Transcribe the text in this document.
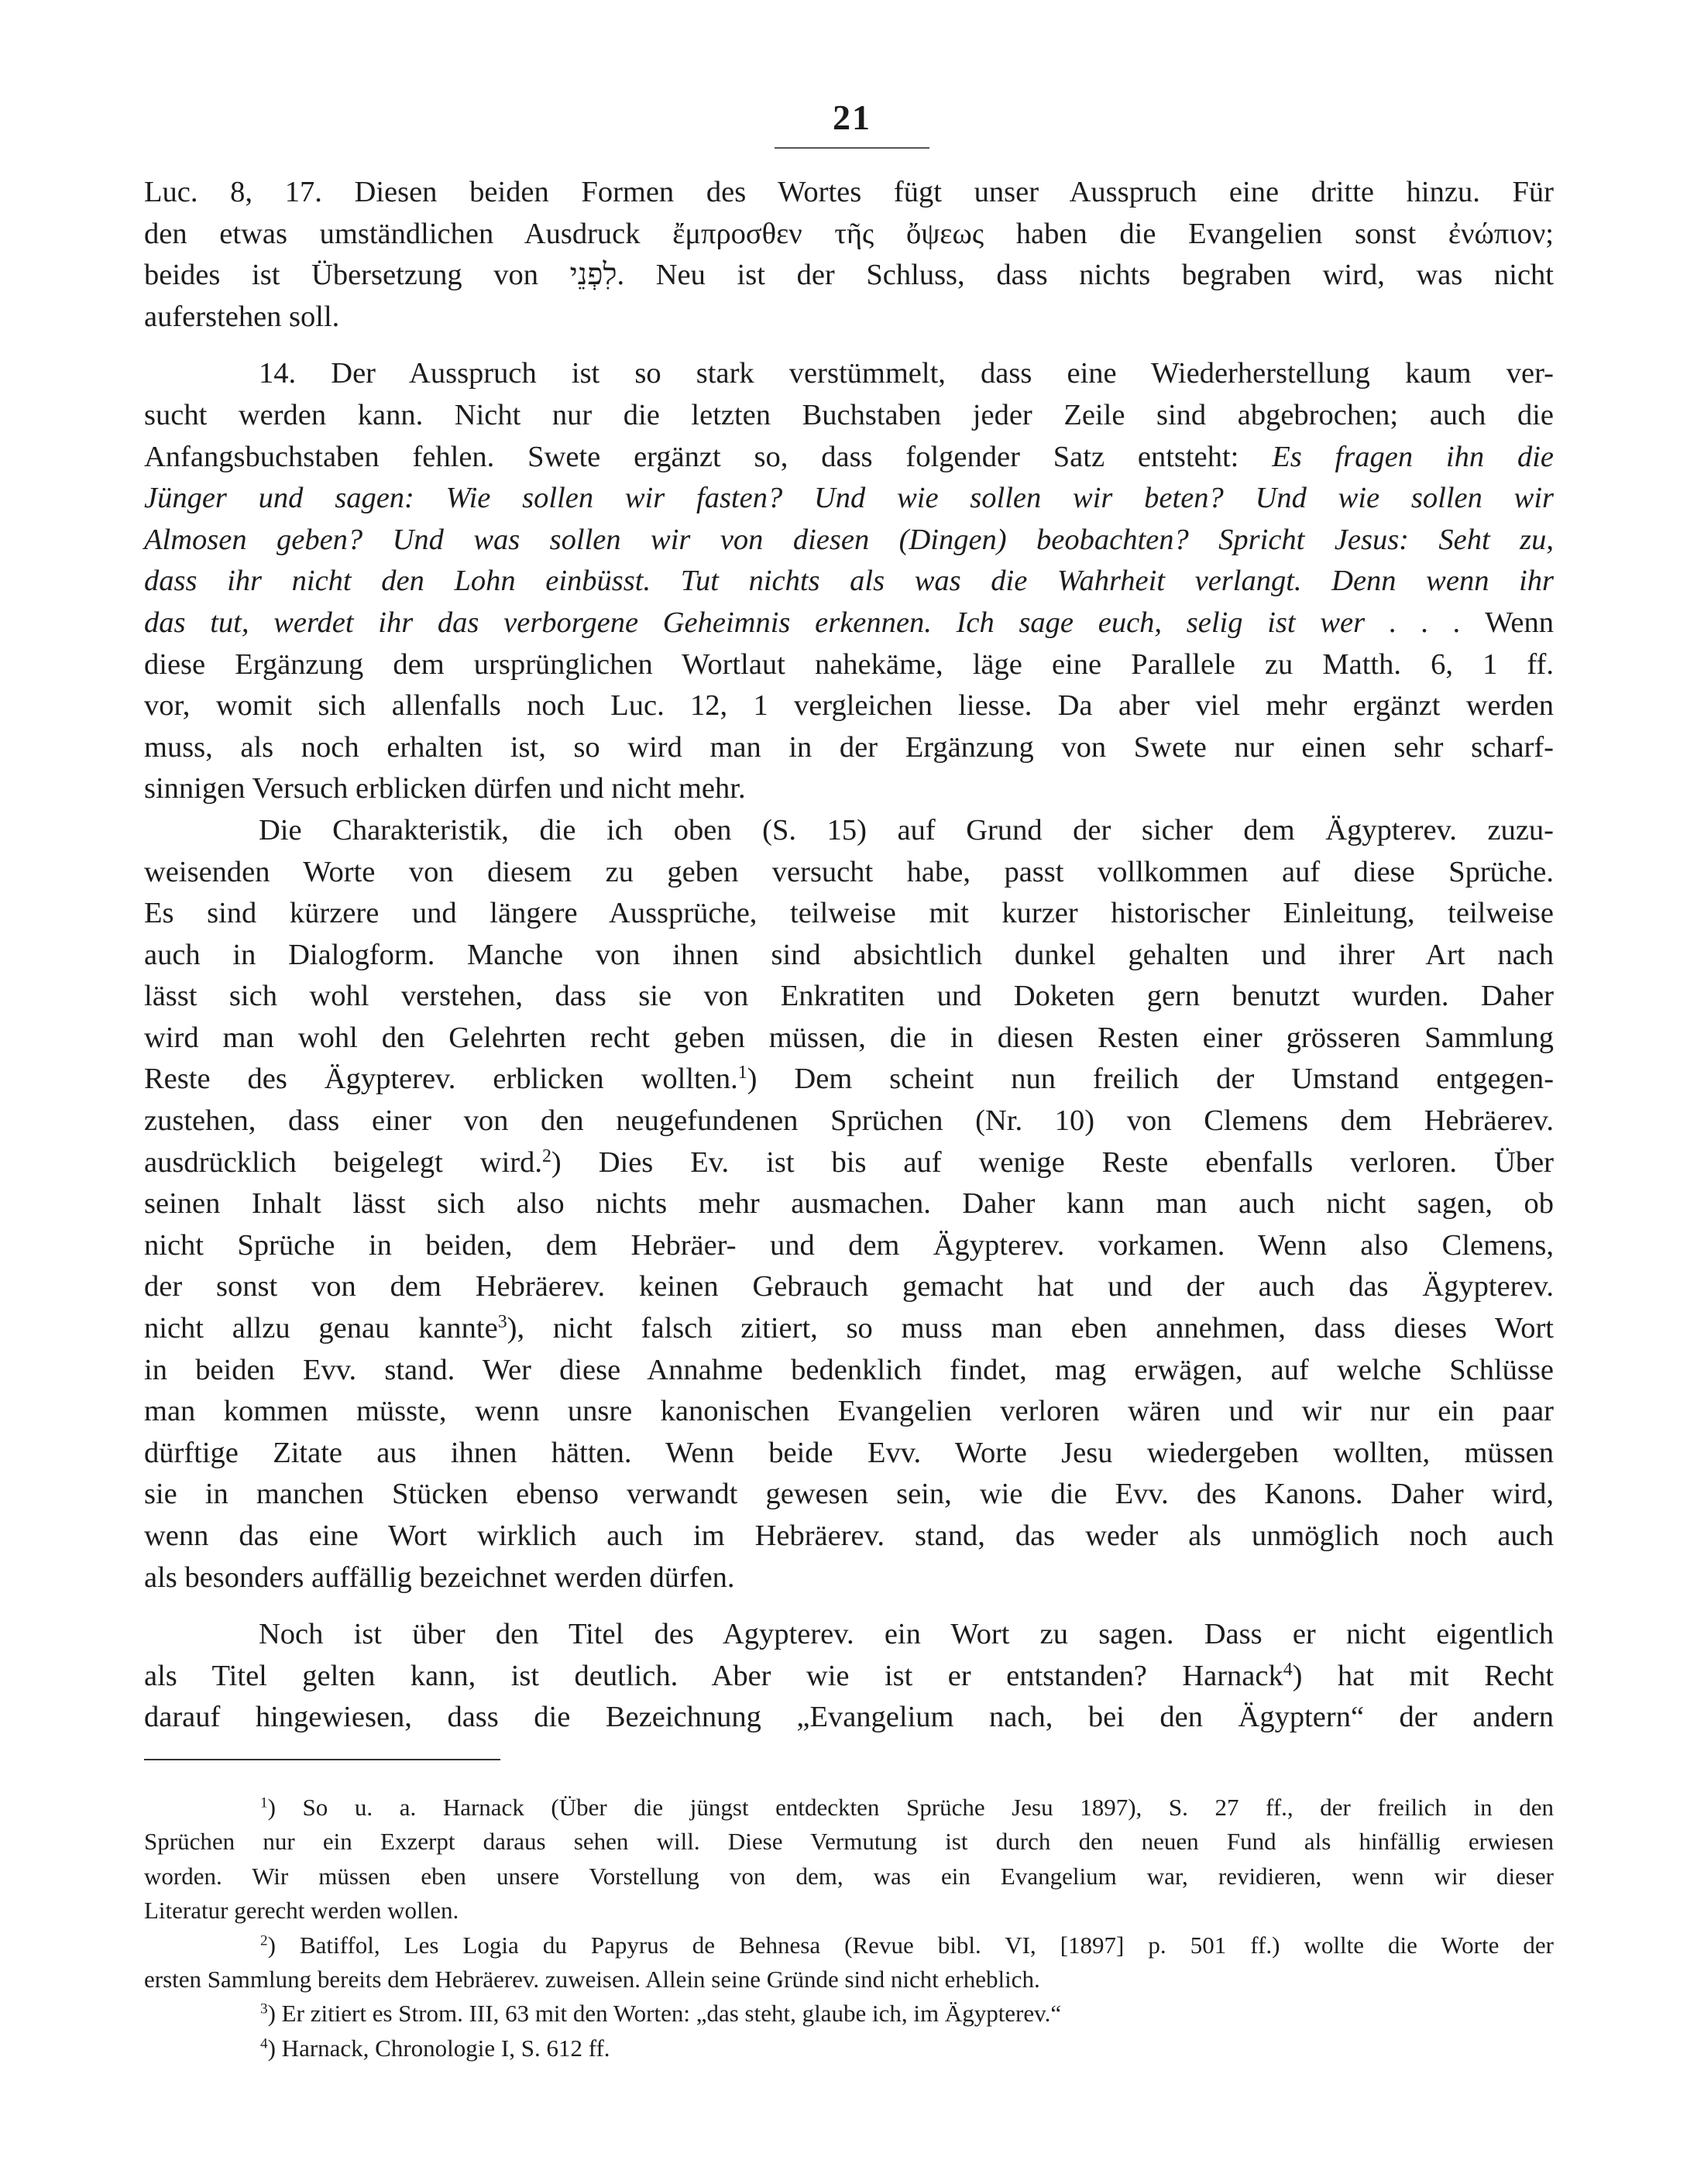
21

Luc. 8, 17. Diesen beiden Formen des Wortes fügt unser Ausspruch eine dritte hinzu. Für

den etwas umständlichen Ausdruck ἔμπροσθεν τῆς ὄψεως haben die Evangelien sonst ἐνώπιον;

beides ist Übersetzung von לִפְנֵי. Neu ist der Schluss, dass nichts begraben wird, was nicht

auferstehen soll.

14. Der Ausspruch ist so stark verstümmelt, dass eine Wiederherstellung kaum ver-

sucht werden kann. Nicht nur die letzten Buchstaben jeder Zeile sind abgebrochen; auch die

Anfangsbuchstaben fehlen. Swete ergänzt so, dass folgender Satz entsteht: Es fragen ihn die

Jünger und sagen: Wie sollen wir fasten? Und wie sollen wir beten? Und wie sollen wir

Almosen geben? Und was sollen wir von diesen (Dingen) beobachten? Spricht Jesus: Seht zu,

dass ihr nicht den Lohn einbüsst. Tut nichts als was die Wahrheit verlangt. Denn wenn ihr

das tut, werdet ihr das verborgene Geheimnis erkennen. Ich sage euch, selig ist wer . . . Wenn

diese Ergänzung dem ursprünglichen Wortlaut nahekäme, läge eine Parallele zu Matth. 6, 1 ff.

vor, womit sich allenfalls noch Luc. 12, 1 vergleichen liesse. Da aber viel mehr ergänzt werden

muss, als noch erhalten ist, so wird man in der Ergänzung von Swete nur einen sehr scharf-

sinnigen Versuch erblicken dürfen und nicht mehr.

Die Charakteristik, die ich oben (S. 15) auf Grund der sicher dem Ägypterev. zuzu-

weisenden Worte von diesem zu geben versucht habe, passt vollkommen auf diese Sprüche.

Es sind kürzere und längere Aussprüche, teilweise mit kurzer historischer Einleitung, teilweise

auch in Dialogform. Manche von ihnen sind absichtlich dunkel gehalten und ihrer Art nach

lässt sich wohl verstehen, dass sie von Enkratiten und Doketen gern benutzt wurden. Daher

wird man wohl den Gelehrten recht geben müssen, die in diesen Resten einer grösseren Sammlung

Reste des Ägypterev. erblicken wollten.$^1$) Dem scheint nun freilich der Umstand entgegen-

zustehen, dass einer von den neugefundenen Sprüchen (Nr. 10) von Clemens dem Hebräerev.

ausdrücklich beigelegt wird.$^2$) Dies Ev. ist bis auf wenige Reste ebenfalls verloren. Über

seinen Inhalt lässt sich also nichts mehr ausmachen. Daher kann man auch nicht sagen, ob

nicht Sprüche in beiden, dem Hebräer- und dem Ägypterev. vorkamen. Wenn also Clemens,

der sonst von dem Hebräerev. keinen Gebrauch gemacht hat und der auch das Ägypterev.

nicht allzu genau kannte$^3$), nicht falsch zitiert, so muss man eben annehmen, dass dieses Wort

in beiden Evv. stand. Wer diese Annahme bedenklich findet, mag erwägen, auf welche Schlüsse

man kommen müsste, wenn unsre kanonischen Evangelien verloren wären und wir nur ein paar

dürftige Zitate aus ihnen hätten. Wenn beide Evv. Worte Jesu wiedergeben wollten, müssen

sie in manchen Stücken ebenso verwandt gewesen sein, wie die Evv. des Kanons. Daher wird,

wenn das eine Wort wirklich auch im Hebräerev. stand, das weder als unmöglich noch auch

als besonders auffällig bezeichnet werden dürfen.

Noch ist über den Titel des Agypterev. ein Wort zu sagen. Dass er nicht eigentlich

als Titel gelten kann, ist deutlich. Aber wie ist er entstanden? Harnack$^4$) hat mit Recht

darauf hingewiesen, dass die Bezeichnung „Evangelium nach, bei den Ägyptern“ der andern

$^1$) So u. a. Harnack (Über die jüngst entdeckten Sprüche Jesu 1897), S. 27 ff., der freilich in den

Sprüchen nur ein Exzerpt daraus sehen will. Diese Vermutung ist durch den neuen Fund als hinfällig erwiesen

worden. Wir müssen eben unsere Vorstellung von dem, was ein Evangelium war, revidieren, wenn wir dieser

Literatur gerecht werden wollen.

$^2$) Batiffol, Les Logia du Papyrus de Behnesa (Revue bibl. VI, [1897] p. 501 ff.) wollte die Worte der

ersten Sammlung bereits dem Hebräerev. zuweisen. Allein seine Gründe sind nicht erheblich.

$^3$) Er zitiert es Strom. III, 63 mit den Worten: „das steht, glaube ich, im Ägypterev.“

$^4$) Harnack, Chronologie I, S. 612 ff.
